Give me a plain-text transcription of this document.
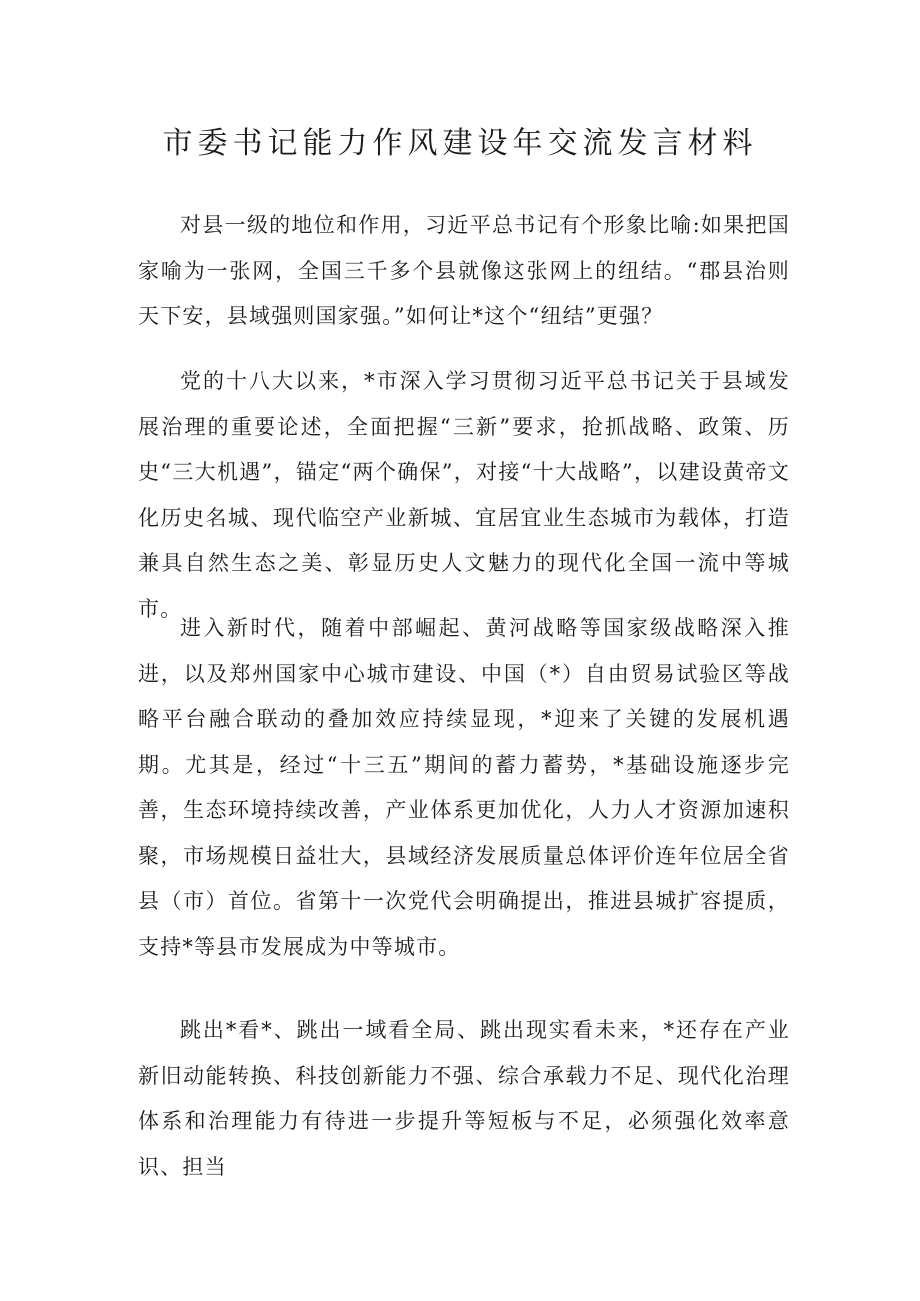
市委书记能力作风建设年交流发言材料

对县一级的地位和作用，习近平总书记有个形象比喻:如果把国家喻为一张网，全国三千多个县就像这张网上的纽结。“郡县治则天下安，县域强则国家强。”如何让*这个“纽结”更强？

党的十八大以来，*市深入学习贯彻习近平总书记关于县域发展治理的重要论述，全面把握“三新”要求，抢抓战略、政策、历史“三大机遇”，锚定“两个确保”，对接“十大战略”，以建设黄帝文化历史名城、现代临空产业新城、宜居宜业生态城市为载体，打造兼具自然生态之美、彰显历史人文魅力的现代化全国一流中等城市。

进入新时代，随着中部崛起、黄河战略等国家级战略深入推进，以及郑州国家中心城市建设、中国（*）自由贸易试验区等战略平台融合联动的叠加效应持续显现，*迎来了关键的发展机遇期。尤其是，经过“十三五”期间的蓄力蓄势，*基础设施逐步完善，生态环境持续改善，产业体系更加优化，人力人才资源加速积聚，市场规模日益壮大，县域经济发展质量总体评价连年位居全省县（市）首位。省第十一次党代会明确提出，推进县城扩容提质，支持*等县市发展成为中等城市。

跳出*看*、跳出一域看全局、跳出现实看未来，*还存在产业新旧动能转换、科技创新能力不强、综合承载力不足、现代化治理体系和治理能力有待进一步提升等短板与不足，必须强化效率意识、担当
